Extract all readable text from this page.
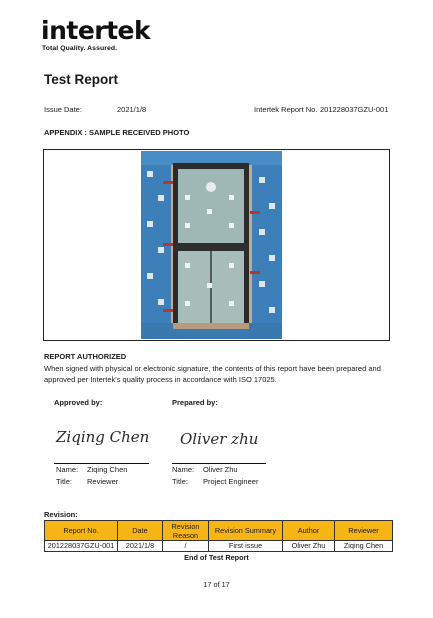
intertek
Total Quality. Assured.
Test Report
Issue Date:	2021/1/8	Intertek Report No. 201228037GZU-001
APPENDIX : SAMPLE RECEIVED PHOTO
REPORT AUTHORIZED
When signed with physical or electronic signature, the contents of this report have been prepared and approved per Intertek's quality process in accordance with ISO 17025.
Approved by:	Prepared by:
Ziqing Chen Oliver zhu
Name: Ziqing Chen
Title: Reviewer
Name: Oliver Zhu
Title: Project Engineer
Revision:
Report No.	Date	Revision Reason	Revision Summary	Author	Reviewer
201228037GZU-001	2021/1/8	/	First issue	Oliver Zhu	Ziqing Chen
End of Test Report
17 of 17
